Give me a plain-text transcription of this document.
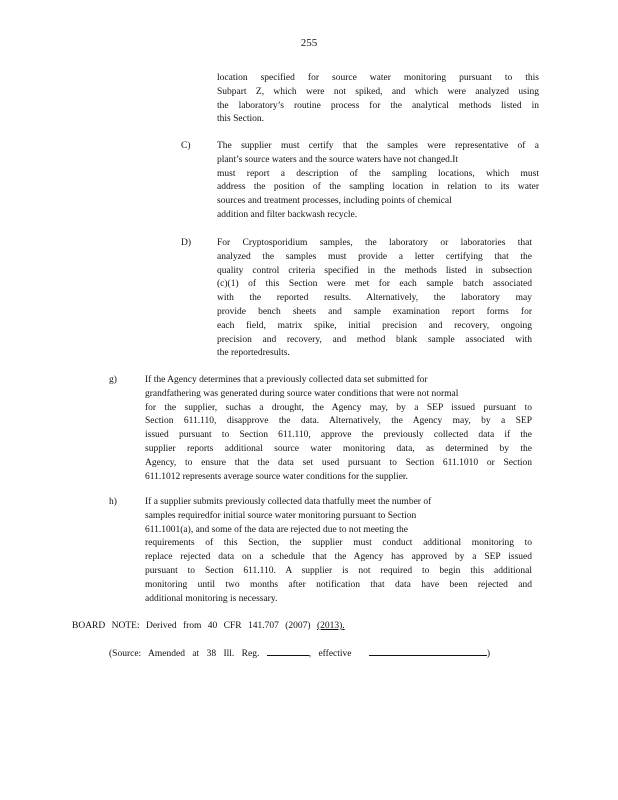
255
location specified for source water monitoring pursuant to this
Subpart Z, which were not spiked, and which were analyzed using
the laboratory’s routine process for the analytical methods listed in
this Section.
C)	The supplier must certify that the samples were representative of a
plant’s source waters and the source waters have not changed.It
must report a description of the sampling locations, which must
address the position of the sampling location in relation to its water
sources and treatment processes, including points of chemical
addition and filter backwash recycle.
D)	For Cryptosporidium samples, the laboratory or laboratories that
analyzed the samples must provide a letter certifying that the
quality control criteria specified in the methods listed in subsection
(c)(1) of this Section were met for each sample batch associated
with the reported results. Alternatively, the laboratory may
provide bench sheets and sample examination report forms for
each field, matrix spike, initial precision and recovery, ongoing
precision and recovery, and method blank sample associated with
the reportedresults.
g)	If the Agency determines that a previously collected data set submitted for
grandfathering was generated during source water conditions that were not normal
for the supplier, suchas a drought, the Agency may, by a SEP issued pursuant to
Section 611.110, disapprove the data. Alternatively, the Agency may, by a SEP
issued pursuant to Section 611.110, approve the previously collected data if the
supplier reports additional source water monitoring data, as determined by the
Agency, to ensure that the data set used pursuant to Section 611.1010 or Section
611.1012 represents average source water conditions for the supplier.
h)	If a supplier submits previously collected data thatfully meet the number of
samples requiredfor initial source water monitoring pursuant to Section
611.1001(a), and some of the data are rejected due to not meeting the
requirements of this Section, the supplier must conduct additional monitoring to
replace rejected data on a schedule that the Agency has approved by a SEP issued
pursuant to Section 611.110. A supplier is not required to begin this additional
monitoring until two months after notification that data have been rejected and
additional monitoring is necessary.
BOARD NOTE: Derived from 40 CFR 141.707 (2007) (2013).
(Source: Amended at 38 Ill. Reg.	, effective	)
